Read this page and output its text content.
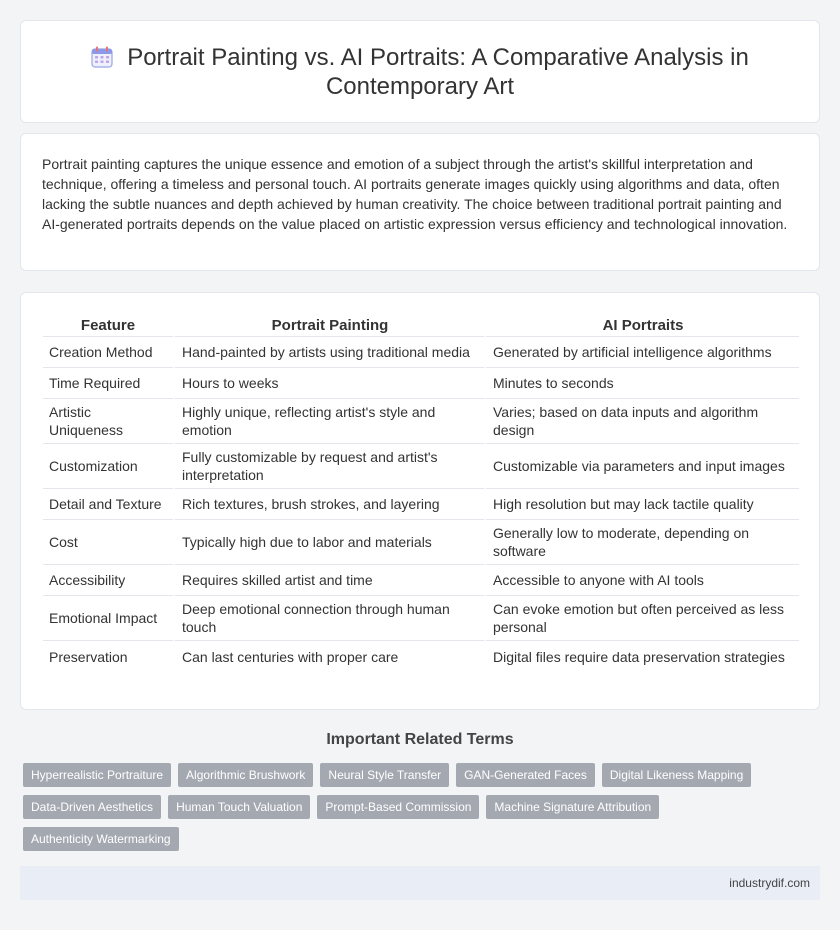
Portrait Painting vs. AI Portraits: A Comparative Analysis in Contemporary Art

Portrait painting captures the unique essence and emotion of a subject through the artist's skillful interpretation and technique, offering a timeless and personal touch. AI portraits generate images quickly using algorithms and data, often lacking the subtle nuances and depth achieved by human creativity. The choice between traditional portrait painting and AI-generated portraits depends on the value placed on artistic expression versus efficiency and technological innovation.

Feature	Portrait Painting	AI Portraits
Creation Method	Hand-painted by artists using traditional media	Generated by artificial intelligence algorithms
Time Required	Hours to weeks	Minutes to seconds
Artistic Uniqueness	Highly unique, reflecting artist's style and emotion	Varies; based on data inputs and algorithm design
Customization	Fully customizable by request and artist's interpretation	Customizable via parameters and input images
Detail and Texture	Rich textures, brush strokes, and layering	High resolution but may lack tactile quality
Cost	Typically high due to labor and materials	Generally low to moderate, depending on software
Accessibility	Requires skilled artist and time	Accessible to anyone with AI tools
Emotional Impact	Deep emotional connection through human touch	Can evoke emotion but often perceived as less personal
Preservation	Can last centuries with proper care	Digital files require data preservation strategies
Important Related Terms
Hyperrealistic Portraiture	Algorithmic Brushwork	Neural Style Transfer	GAN-Generated Faces	Digital Likeness Mapping
Data-Driven Aesthetics	Human Touch Valuation	Prompt-Based Commission	Machine Signature Attribution
Authenticity Watermarking
industrydif.com
